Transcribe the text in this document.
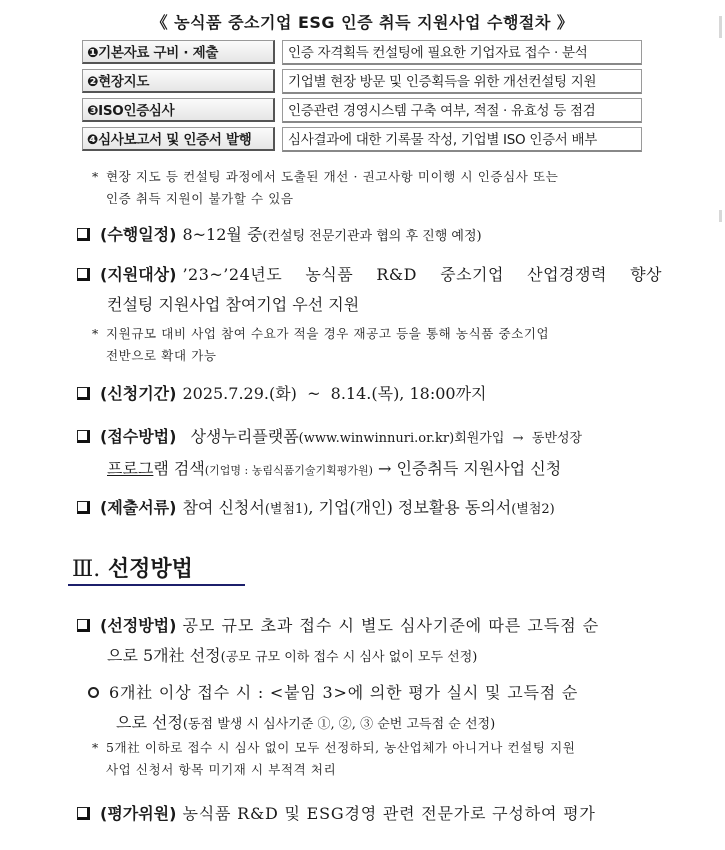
《 농식품 중소기업 ESG 인증 취득 지원사업 수행절차 》
❶기본자료 구비 · 제출	인증 자격획득 컨설팅에 필요한 기업자료 접수 · 분석
❷현장지도	기업별 현장 방문 및 인증획득을 위한 개선컨설팅 지원
❸ISO인증심사	인증관련 경영시스템 구축 여부, 적절 · 유효성 등 점검
❹심사보고서 및 인증서 발행	심사결과에 대한 기록물 작성, 기업별 ISO 인증서 배부
* 현장 지도 등 컨설팅 과정에서 도출된 개선 · 권고사항 미이행 시 인증심사 또는
인증 취득 지원이 불가할 수 있음
(수행일정) 8~12월 중(컨설팅 전문기관과 협의 후 진행 예정)
(지원대상) ’23~’24년도 농식품 R&D 중소기업 산업경쟁력 향상
컨설팅 지원사업 참여기업 우선 지원
* 지원규모 대비 사업 참여 수요가 적을 경우 재공고 등을 통해 농식품 중소기업
전반으로 확대 가능
(신청기간) 2025.7.29.(화)  ~  8.14.(목), 18:00까지
(접수방법) 상생누리플랫폼(www.winwinnuri.or.kr)회원가입  →  동반성장
프로그램 검색(기업명 : 농림식품기술기획평가원) → 인증취득 지원사업 신청
(제출서류) 참여 신청서(별첨1), 기업(개인) 정보활용 동의서(별첨2)
Ⅲ. 선정방법
(선정방법) 공모 규모 초과 접수 시 별도 심사기준에 따른 고득점 순
으로 5개社 선정(공모 규모 이하 접수 시 심사 없이 모두 선정)
6개社 이상 접수 시 : <붙임 3>에 의한 평가 실시 및 고득점 순
으로 선정(동점 발생 시 심사기준 ①, ②, ③ 순번 고득점 순 선정)
* 5개社 이하로 접수 시 심사 없이 모두 선정하되, 농산업체가 아니거나 컨설팅 지원
사업 신청서 항목 미기재 시 부적격 처리
(평가위원) 농식품 R&D 및 ESG경영 관련 전문가로 구성하여 평가
